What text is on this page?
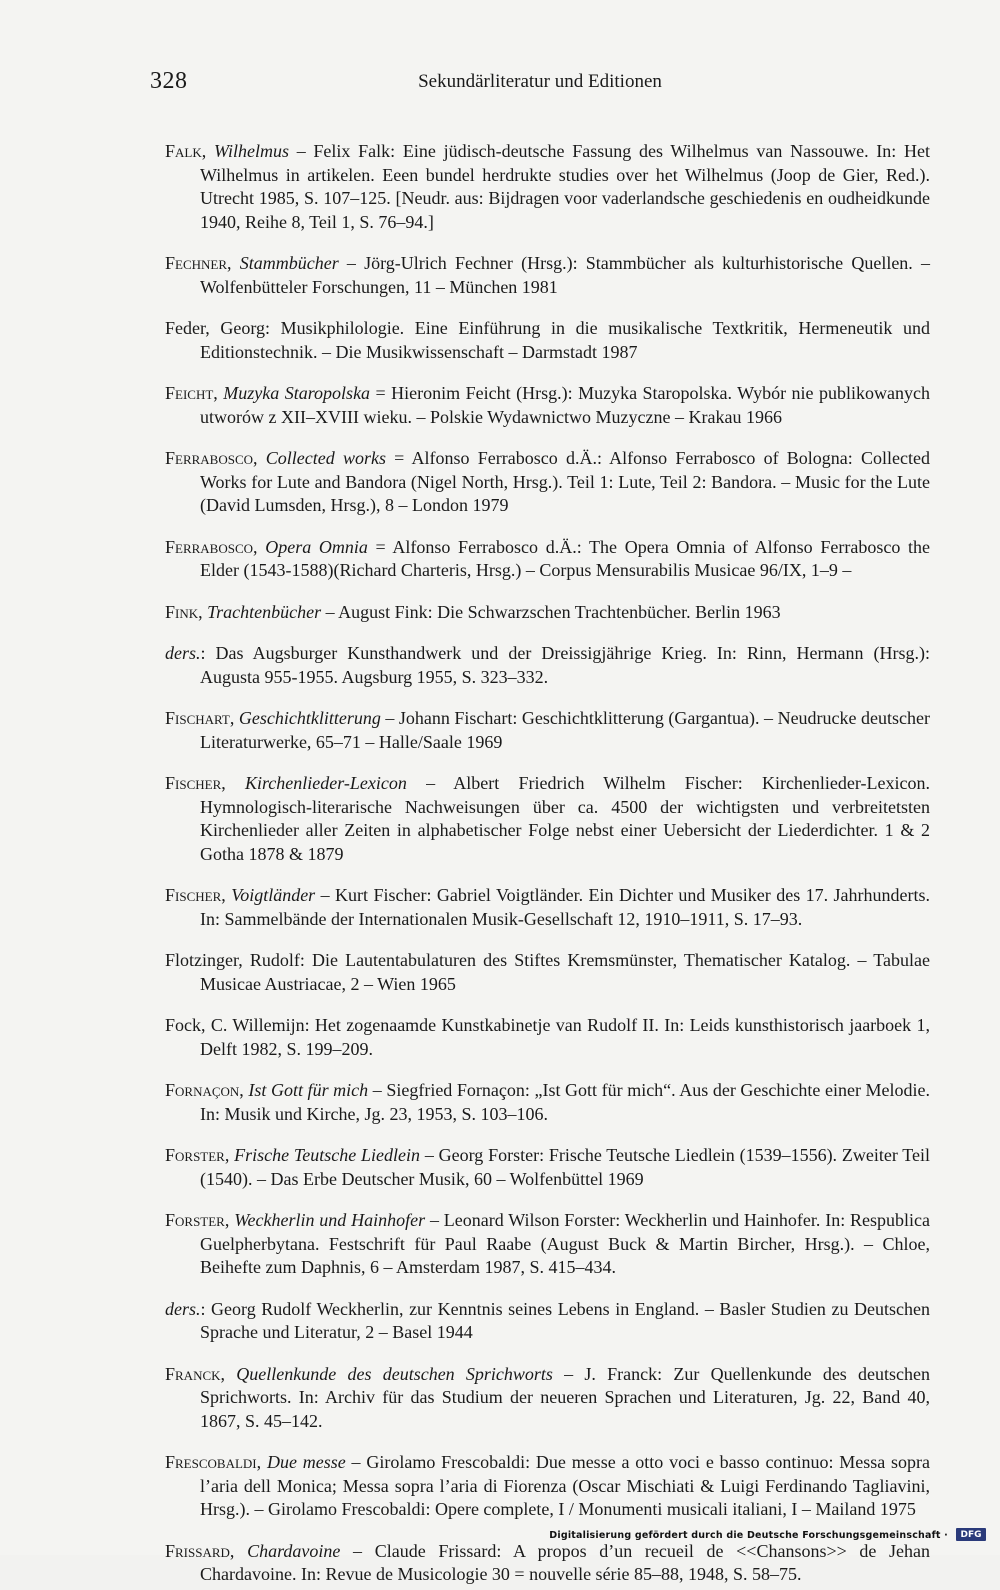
328	Sekundärliteratur und Editionen

Falk, Wilhelmus – Felix Falk: Eine jüdisch-deutsche Fassung des Wilhelmus van Nassouwe. In: Het Wilhelmus in artikelen. Eeen bundel herdrukte studies over het Wilhelmus (Joop de Gier, Red.). Utrecht 1985, S. 107–125. [Neudr. aus: Bijdragen voor vaderlandsche geschiedenis en oudheidkunde 1940, Reihe 8, Teil 1, S. 76–94.]

Fechner, Stammbücher – Jörg-Ulrich Fechner (Hrsg.): Stammbücher als kulturhistorische Quellen. – Wolfenbütteler Forschungen, 11 – München 1981

Feder, Georg: Musikphilologie. Eine Einführung in die musikalische Textkritik, Hermeneutik und Editionstechnik. – Die Musikwissenschaft – Darmstadt 1987

Feicht, Muzyka Staropolska = Hieronim Feicht (Hrsg.): Muzyka Staropolska. Wybór nie publikowanych utworów z XII–XVIII wieku. – Polskie Wydawnictwo Muzyczne – Krakau 1966

Ferrabosco, Collected works = Alfonso Ferrabosco d.Ä.: Alfonso Ferrabosco of Bologna: Collected Works for Lute and Bandora (Nigel North, Hrsg.). Teil 1: Lute, Teil 2: Bandora. – Music for the Lute (David Lumsden, Hrsg.), 8 – London 1979

Ferrabosco, Opera Omnia = Alfonso Ferrabosco d.Ä.: The Opera Omnia of Alfonso Ferrabosco the Elder (1543-1588)(Richard Charteris, Hrsg.) – Corpus Mensurabilis Musicae 96/IX, 1–9 –

Fink, Trachtenbücher – August Fink: Die Schwarzschen Trachtenbücher. Berlin 1963

ders.: Das Augsburger Kunsthandwerk und der Dreissigjährige Krieg. In: Rinn, Hermann (Hrsg.): Augusta 955-1955. Augsburg 1955, S. 323–332.

Fischart, Geschichtklitterung – Johann Fischart: Geschichtklitterung (Gargantua). – Neudrucke deutscher Literaturwerke, 65–71 – Halle/Saale 1969

Fischer, Kirchenlieder-Lexicon – Albert Friedrich Wilhelm Fischer: Kirchenlieder-Lexicon. Hymnologisch-literarische Nachweisungen über ca. 4500 der wichtigsten und verbreitetsten Kirchenlieder aller Zeiten in alphabetischer Folge nebst einer Uebersicht der Liederdichter. 1 & 2 Gotha 1878 & 1879

Fischer, Voigtländer – Kurt Fischer: Gabriel Voigtländer. Ein Dichter und Musiker des 17. Jahrhunderts. In: Sammelbände der Internationalen Musik-Gesellschaft 12, 1910–1911, S. 17–93.

Flotzinger, Rudolf: Die Lautentabulaturen des Stiftes Kremsmünster, Thematischer Katalog. – Tabulae Musicae Austriacae, 2 – Wien 1965

Fock, C. Willemijn: Het zogenaamde Kunstkabinetje van Rudolf II. In: Leids kunsthistorisch jaarboek 1, Delft 1982, S. 199–209.

Fornaçon, Ist Gott für mich – Siegfried Fornaçon: „Ist Gott für mich“. Aus der Geschichte einer Melodie. In: Musik und Kirche, Jg. 23, 1953, S. 103–106.

Forster, Frische Teutsche Liedlein – Georg Forster: Frische Teutsche Liedlein (1539–1556). Zweiter Teil (1540). – Das Erbe Deutscher Musik, 60 – Wolfenbüttel 1969

Forster, Weckherlin und Hainhofer – Leonard Wilson Forster: Weckherlin und Hainhofer. In: Respublica Guelpherbytana. Festschrift für Paul Raabe (August Buck & Martin Bircher, Hrsg.). – Chloe, Beihefte zum Daphnis, 6 – Amsterdam 1987, S. 415–434.

ders.: Georg Rudolf Weckherlin, zur Kenntnis seines Lebens in England. – Basler Studien zu Deutschen Sprache und Literatur, 2 – Basel 1944

Franck, Quellenkunde des deutschen Sprichworts – J. Franck: Zur Quellenkunde des deutschen Sprichworts. In: Archiv für das Studium der neueren Sprachen und Literaturen, Jg. 22, Band 40, 1867, S. 45–142.

Frescobaldi, Due messe – Girolamo Frescobaldi: Due messe a otto voci e basso continuo: Messa sopra l’aria dell Monica; Messa sopra l’aria di Fiorenza (Oscar Mischiati & Luigi Ferdinando Tagliavini, Hrsg.). – Girolamo Frescobaldi: Opere complete, I / Monumenti musicali italiani, I – Mailand 1975

Frissard, Chardavoine – Claude Frissard: A propos d’un recueil de <<Chansons>> de Jehan Chardavoine. In: Revue de Musicologie 30 = nouvelle série 85–88, 1948, S. 58–75.

Digitalisierung gefördert durch die Deutsche Forschungsgemeinschaft ·	DFG
